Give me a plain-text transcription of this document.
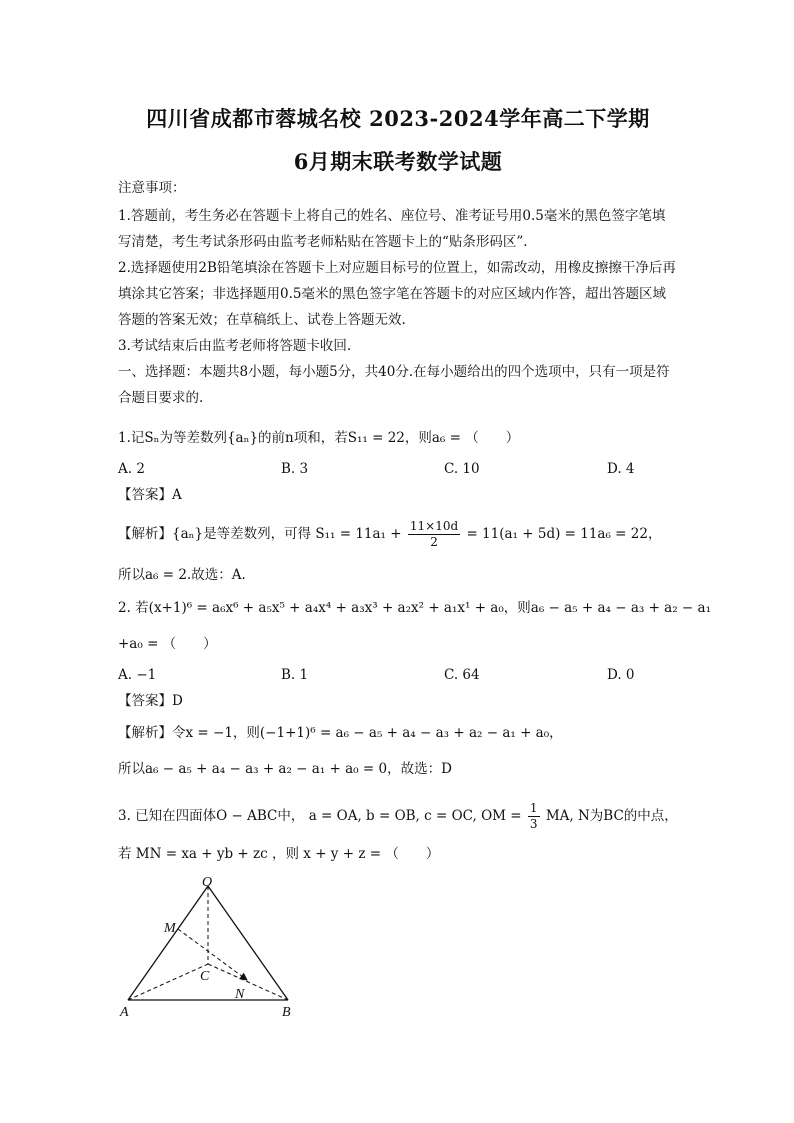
四川省成都市蓉城名校 2023-2024学年高二下学期
6月期末联考数学试题

注意事项：

1.答题前，考生务必在答题卡上将自己的姓名、座位号、准考证号用0.5毫米的黑色签字笔填写清楚，考生考试条形码由监考老师粘贴在答题卡上的“贴条形码区”.

2.选择题使用2B铅笔填涂在答题卡上对应题目标号的位置上，如需改动，用橡皮擦擦干净后再填涂其它答案；非选择题用0.5毫米的黑色签字笔在答题卡的对应区域内作答，超出答题区域答题的答案无效；在草稿纸上、试卷上答题无效.

3.考试结束后由监考老师将答题卡收回.

一、选择题：本题共8小题，每小题5分，共40分.在每小题给出的四个选项中，只有一项是符合题目要求的.

1.记Sₙ为等差数列{aₙ}的前n项和，若S₁₁ = 22，则a₆ = （　　）
A. 2	B. 3	C. 10	D. 4
【答案】A
【解析】{aₙ}是等差数列，可得 $S_{11} = 11a_1 + \frac{11\times 10d}{2} = 11(a_1 + 5d) = 11a_6 = 22$，
所以a₆ = 2.故选：A.
2. 若(x+1)⁶ = a₆x⁶ + a₅x⁵ + a₄x⁴ + a₃x³ + a₂x² + a₁x¹ + a₀，则a₆ − a₅ + a₄ − a₃ + a₂ − a₁
+a₀ = （　　）
A. −1	B. 1	C. 64	D. 0
【答案】D
【解析】令x = −1，则(−1+1)⁶ = a₆ − a₅ + a₄ − a₃ + a₂ − a₁ + a₀，
所以a₆ − a₅ + a₄ − a₃ + a₂ − a₁ + a₀ = 0，故选：D
3. 已知在四面体O − ABC中， a = OA, b = OB, c = OC, OM = $\frac{1}{3}$ MA, N为BC的中点，
若 MN = xa + yb + zc ，则 x + y + z = （　　）
O
M
C
N
A	B
